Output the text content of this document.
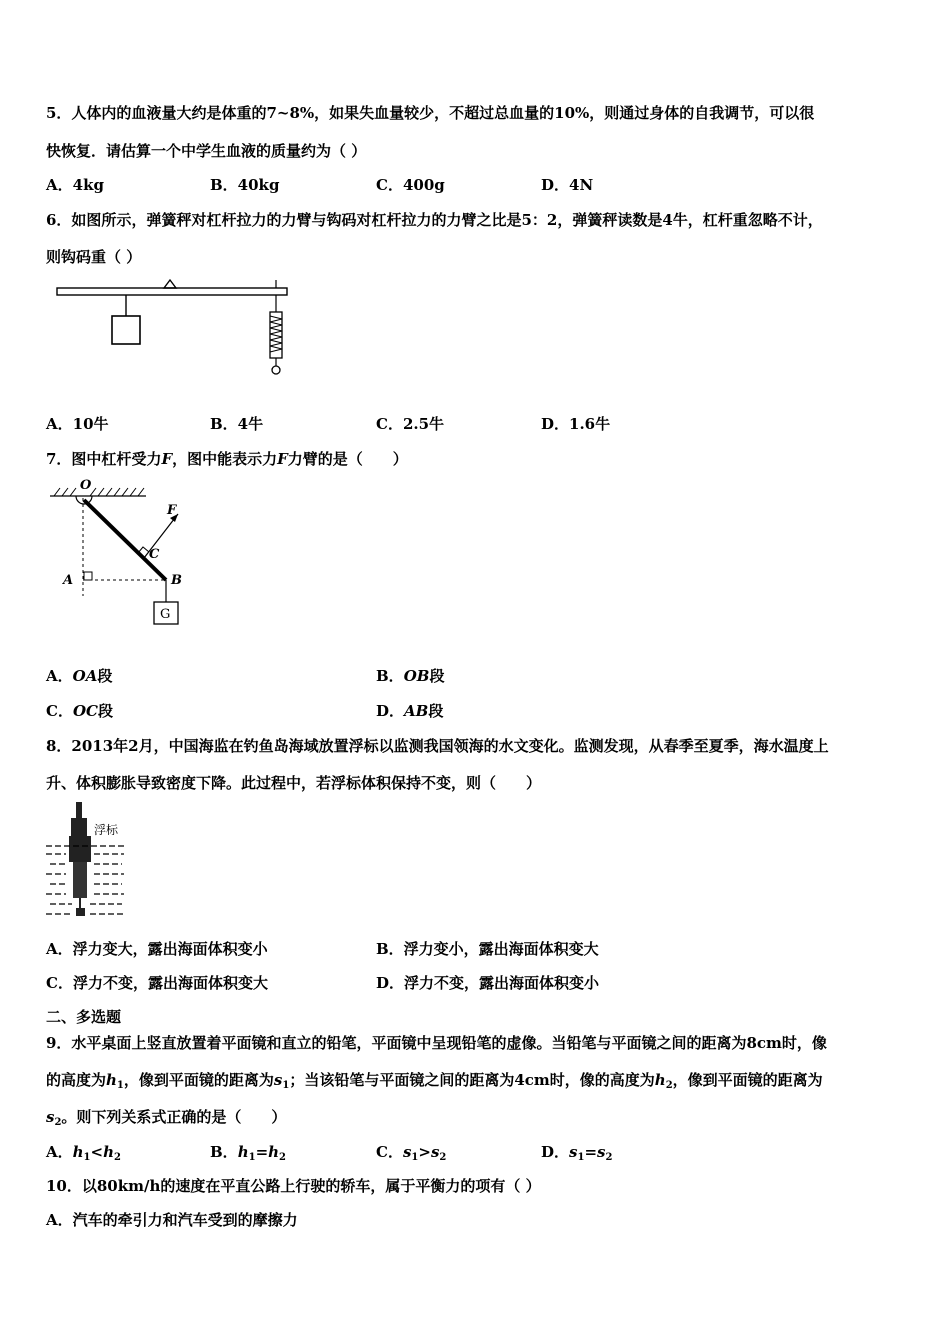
5．人体内的血液量大约是体重的7~8%，如果失血量较少，不超过总血量的10%，则通过身体的自我调节，可以很
快恢复．请估算一个中学生血液的质量约为（ ）
A．4kg	B．40kg	C．400g	D．4N
6．如图所示，弹簧秤对杠杆拉力的力臂与钩码对杠杆拉力的力臂之比是5：2，弹簧秤读数是4牛，杠杆重忽略不计，
则钩码重（ ）
A．10牛	B．4牛	C．2.5牛	D．1.6牛
7．图中杠杆受力F，图中能表示力F力臂的是（　　）
O
F
C
A	B
G
A．OA段	B．OB段
C．OC段	D．AB段
8．2013年2月，中国海监在钓鱼岛海域放置浮标以监测我国领海的水文变化。监测发现，从春季至夏季，海水温度上
升、体积膨胀导致密度下降。此过程中，若浮标体积保持不变，则（　　）
浮标
A．浮力变大，露出海面体积变小	B．浮力变小，露出海面体积变大
C．浮力不变，露出海面体积变大	D．浮力不变，露出海面体积变小
二、多选题
9．水平桌面上竖直放置着平面镜和直立的铅笔，平面镜中呈现铅笔的虚像。当铅笔与平面镜之间的距离为8cm时，像
的高度为$h_1$，像到平面镜的距离为$s_1$；当该铅笔与平面镜之间的距离为4cm时，像的高度为$h_2$，像到平面镜的距离为
$s_2$。则下列关系式正确的是（　　）
A．$h_1<h_2$	B．$h_1=h_2$	C．$s_1>s_2$	D．$s_1=s_2$
10．以80km/h的速度在平直公路上行驶的轿车，属于平衡力的项有（ ）
A．汽车的牵引力和汽车受到的摩擦力
